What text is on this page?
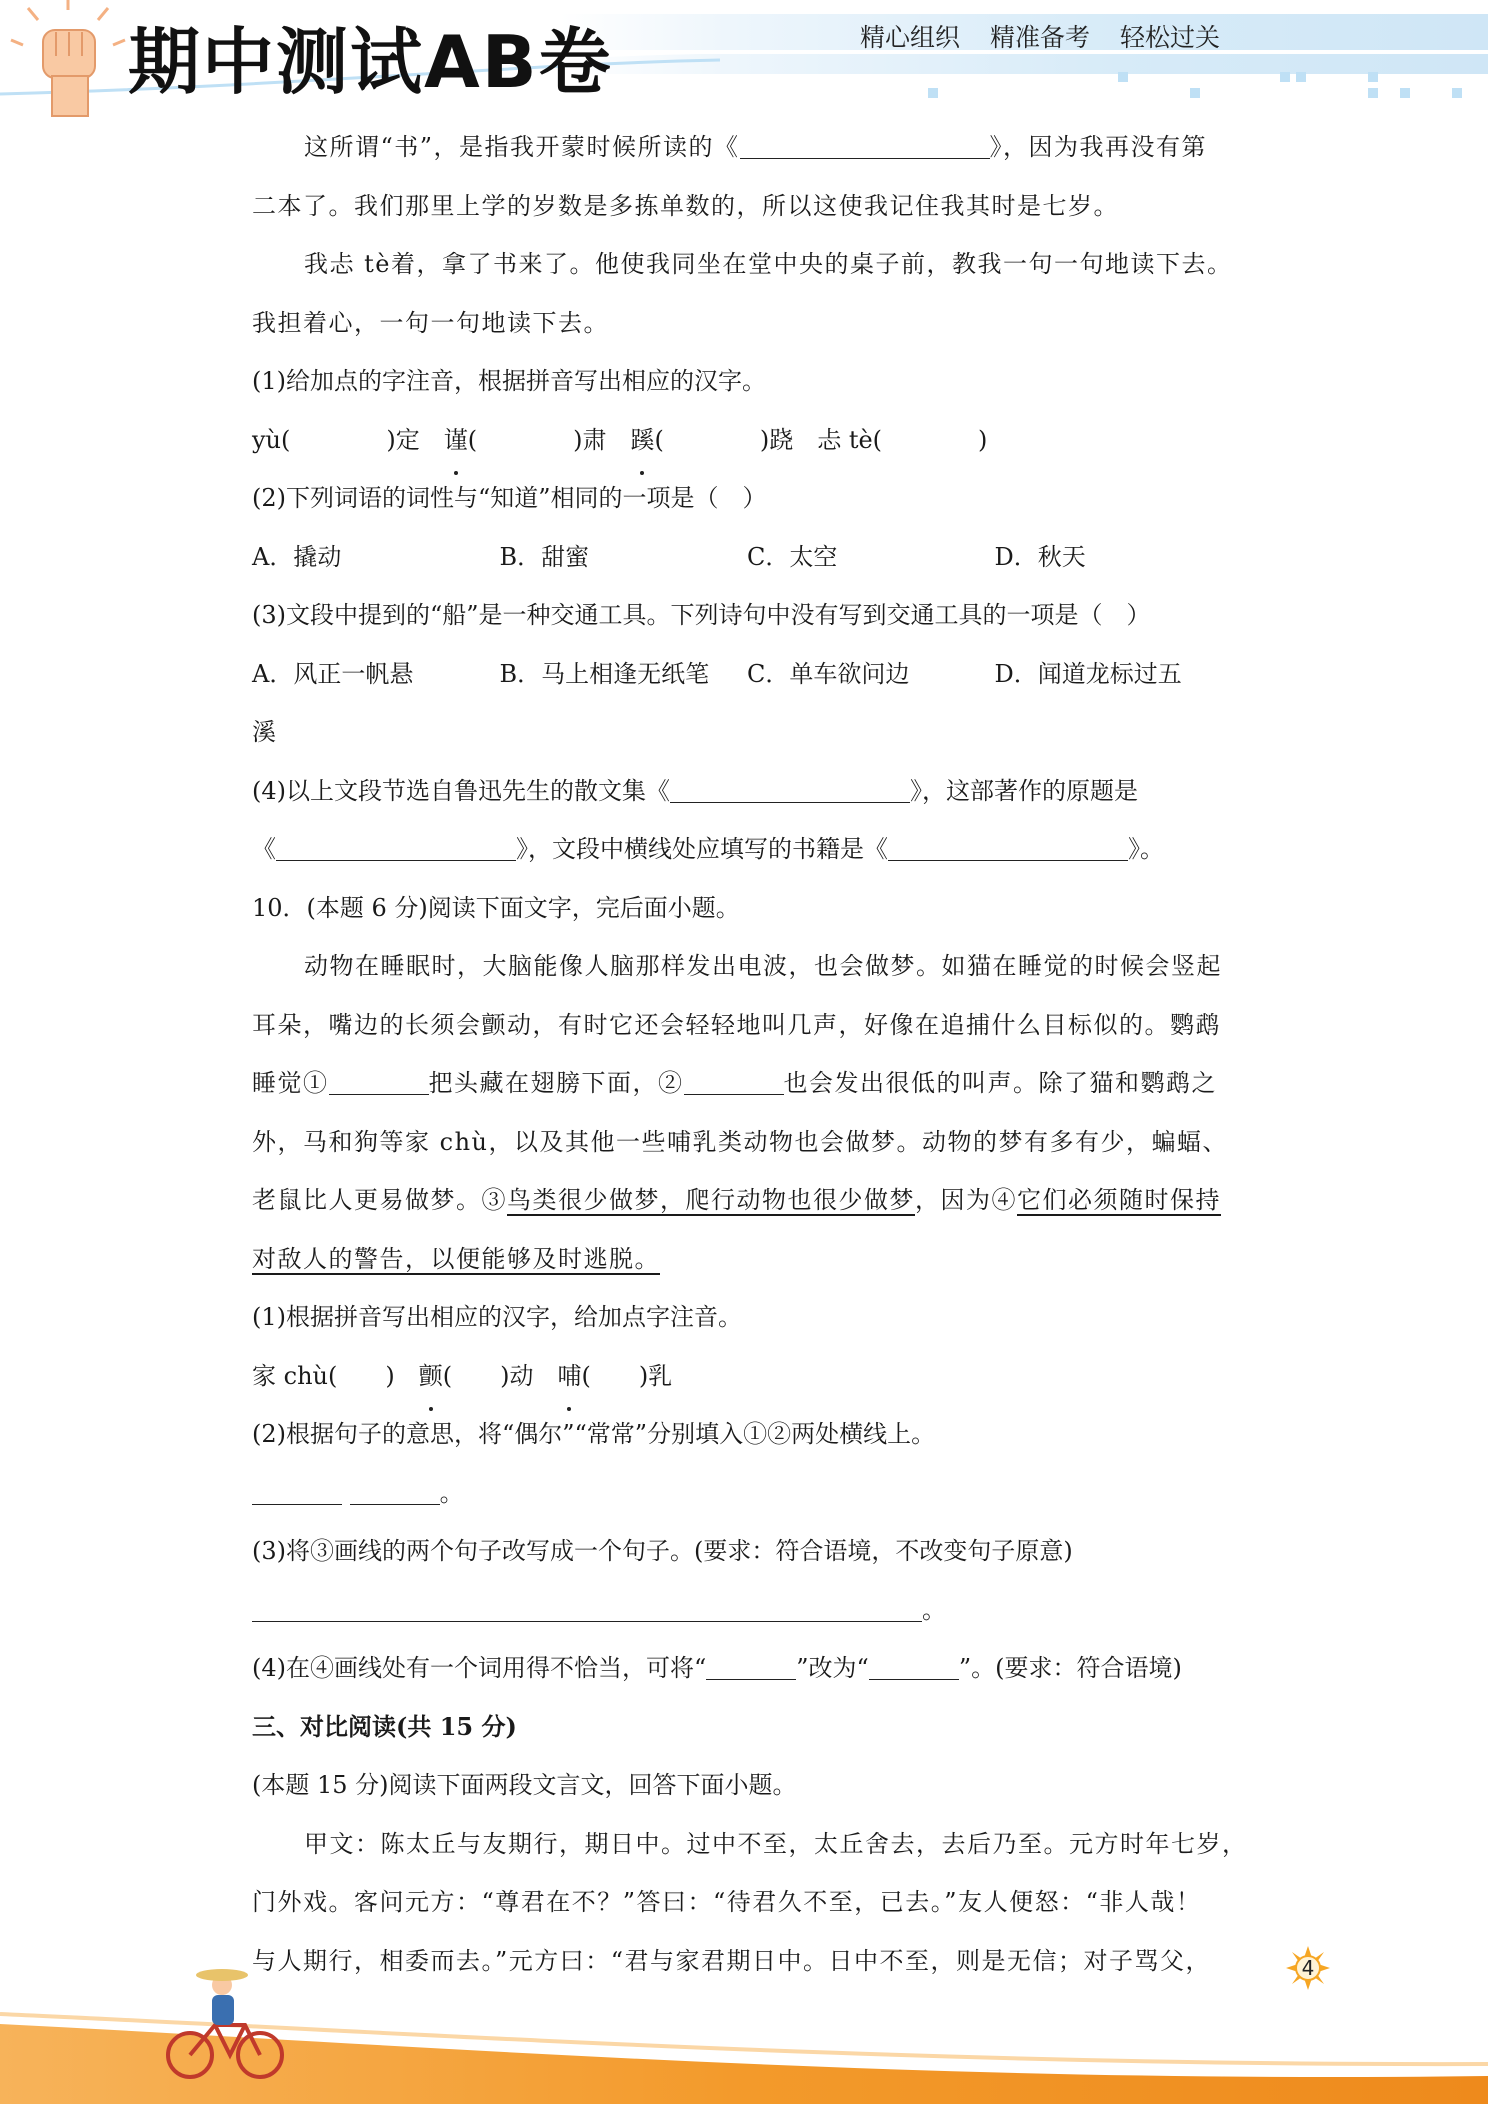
期中测试AB卷	精心组织 精准备考 轻松过关
这所谓“书”，是指我开蒙时候所读的《	》，因为我再没有第
二本了。我们那里上学的岁数是多拣单数的，所以这使我记住我其时是七岁。
我忐 tè着，拿了书来了。他使我同坐在堂中央的桌子前，教我一句一句地读下去。
我担着心，一句一句地读下去。
(1)给加点的字注音，根据拼音写出相应的汉字。
yù(　　　　)定　谨(　　　　)肃　蹊(　　　　)跷　忐 tè(　　　　)
(2)下列词语的词性与“知道”相同的一项是（　）
A．撬动	B．甜蜜	C．太空	D．秋天
(3)文段中提到的“船”是一种交通工具。下列诗句中没有写到交通工具的一项是（　）
A．风正一帆悬	B．马上相逢无纸笔	C．单车欲问边	D．闻道龙标过五
溪
(4)以上文段节选自鲁迅先生的散文集《	》，这部著作的原题是
《	》，文段中横线处应填写的书籍是《	》。
10．(本题 6 分)阅读下面文字，完后面小题。
动物在睡眠时，大脑能像人脑那样发出电波，也会做梦。如猫在睡觉的时候会竖起
耳朵，嘴边的长须会颤动，有时它还会轻轻地叫几声，好像在追捕什么目标似的。鹦鹉
睡觉①	把头藏在翅膀下面，②	也会发出很低的叫声。除了猫和鹦鹉之
外，马和狗等家 chù，以及其他一些哺乳类动物也会做梦。动物的梦有多有少，蝙蝠、
老鼠比人更易做梦。③鸟类很少做梦，爬行动物也很少做梦，因为④它们必须随时保持
对敌人的警告，以便能够及时逃脱。
(1)根据拼音写出相应的汉字，给加点字注音。
家 chù(　　)　颤(　　)动　哺(　　)乳
(2)根据句子的意思，将“偶尔”“常常”分别填入①②两处横线上。
。
(3)将③画线的两个句子改写成一个句子。(要求：符合语境，不改变句子原意)
。
(4)在④画线处有一个词用得不恰当，可将“	”改为“	”。(要求：符合语境)
三、对比阅读(共 15 分)
(本题 15 分)阅读下面两段文言文，回答下面小题。
甲文：陈太丘与友期行，期日中。过中不至，太丘舍去，去后乃至。元方时年七岁，
门外戏。客问元方：“尊君在不？”答曰：“待君久不至，已去。”友人便怒：“非人哉！
与人期行，相委而去。”元方曰：“君与家君期日中。日中不至，则是无信；对子骂父，	4
